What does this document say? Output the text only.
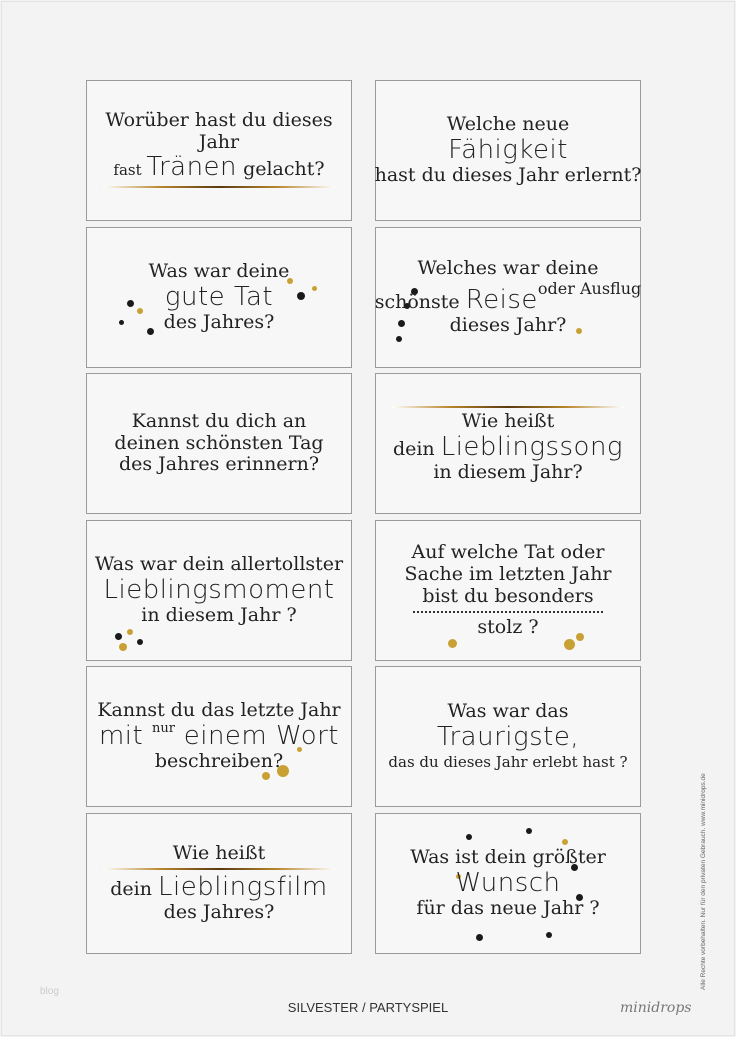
Worüber hast du dieses
Jahr
fast Tränen gelacht?
Welche neue
Fähigkeit
hast du dieses Jahr erlernt?
Was war deine
gute Tat
des Jahres?
Welches war deine
schönste Reiseoder Ausflug
dieses Jahr?
Kannst du dich an
deinen schönsten Tag
des Jahres erinnern?
Wie heißt
dein Lieblingssong
in diesem Jahr?
Was war dein allertollster
Lieblingsmoment
in diesem Jahr ?
Auf welche Tat oder
Sache im letzten Jahr
bist du besonders
stolz ?
Kannst du das letzte Jahr
mit $^{nur}$ einem Wort
beschreiben?
Was war das
Traurigste,
das du dieses Jahr erlebt hast ?
Wie heißt
dein Lieblingsfilm
des Jahres?
Was ist dein größter
Wunsch
für das neue Jahr ?
blog
SILVESTER / PARTYSPIEL	minidrops
Alle Rechte vorbehalten. Nur für den privaten Gebrauch. www.minidrops.de
